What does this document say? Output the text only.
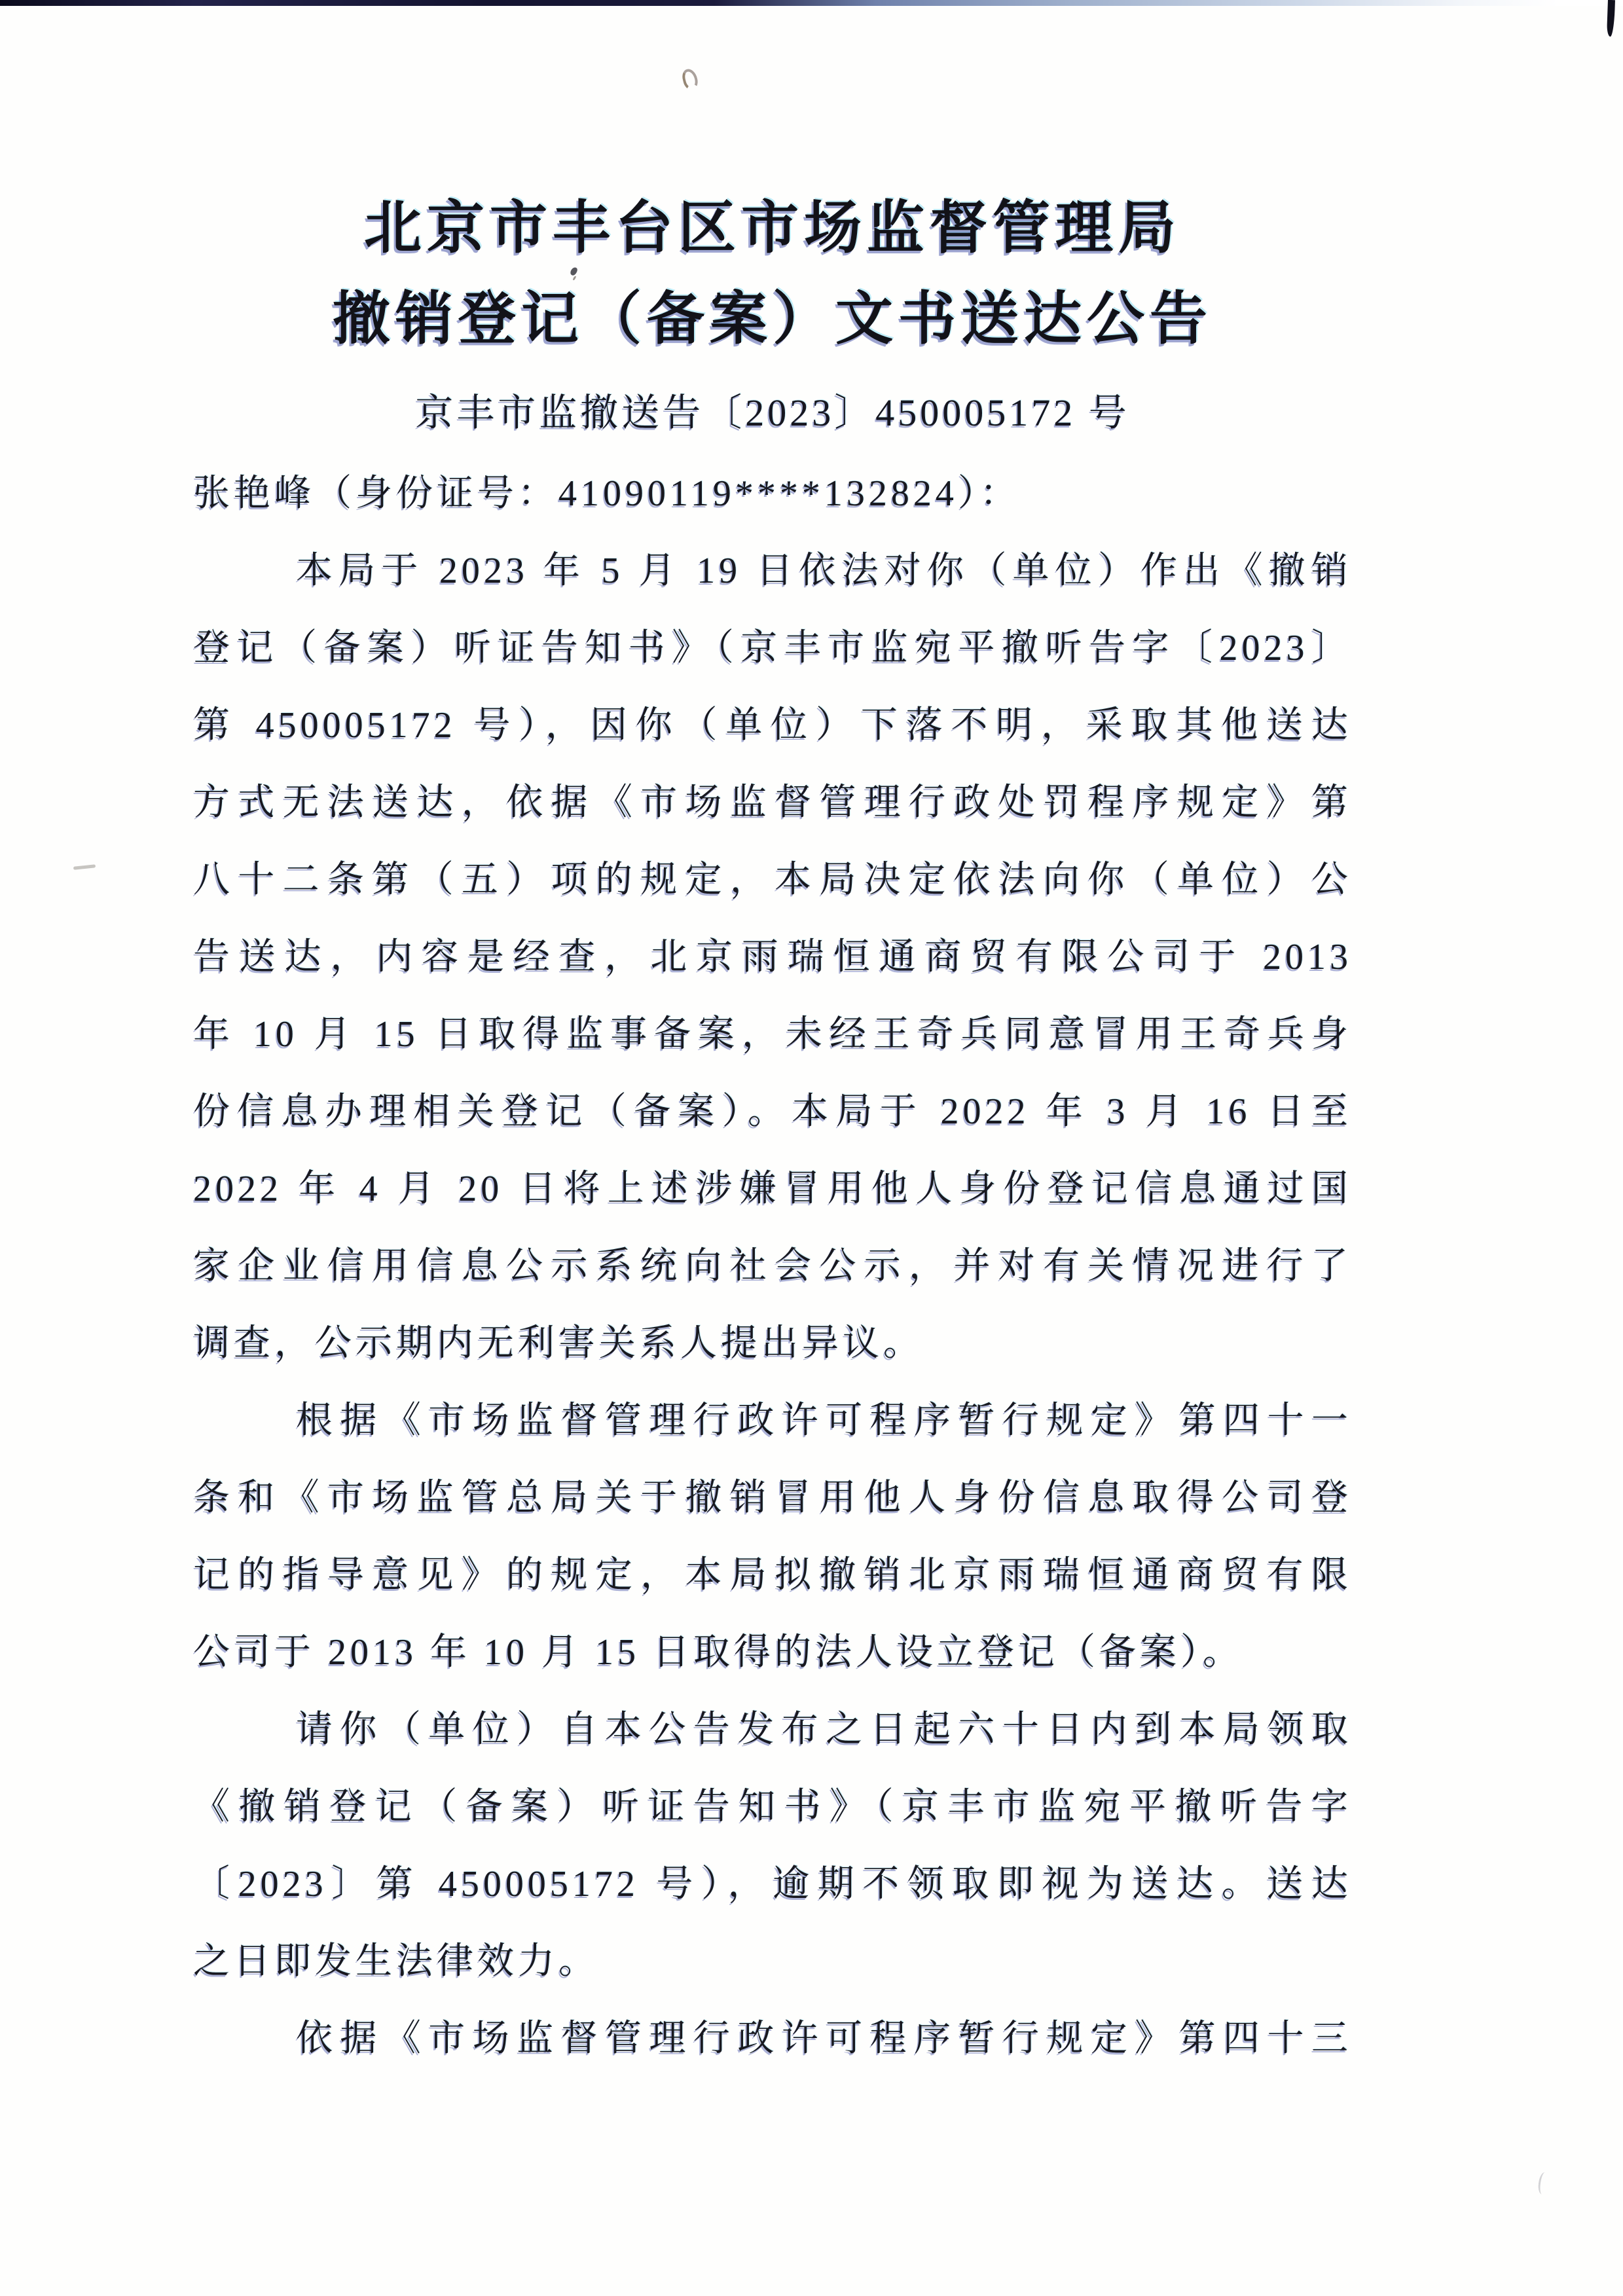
北京市丰台区市场监督管理局
撤销登记（备案）文书送达公告
京丰市监撤送告〔2023〕450005172 号
张艳峰（身份证号：41090119****132824）：
本局于 2023 年 5 月 19 日依法对你（单位）作出《撤销
登记（备案）听证告知书》（京丰市监宛平撤听告字〔2023〕
第 450005172 号），因你（单位）下落不明，采取其他送达
方式无法送达，依据《市场监督管理行政处罚程序规定》第
八十二条第（五）项的规定，本局决定依法向你（单位）公
告送达，内容是经查，北京雨瑞恒通商贸有限公司于 2013
年 10 月 15 日取得监事备案，未经王奇兵同意冒用王奇兵身
份信息办理相关登记（备案）。本局于 2022 年 3 月 16 日至
2022 年 4 月 20 日将上述涉嫌冒用他人身份登记信息通过国
家企业信用信息公示系统向社会公示，并对有关情况进行了
调查，公示期内无利害关系人提出异议。
根据《市场监督管理行政许可程序暂行规定》第四十一
条和《市场监管总局关于撤销冒用他人身份信息取得公司登
记的指导意见》的规定，本局拟撤销北京雨瑞恒通商贸有限
公司于 2013 年 10 月 15 日取得的法人设立登记（备案）。
请你（单位）自本公告发布之日起六十日内到本局领取
《撤销登记（备案）听证告知书》（京丰市监宛平撤听告字
〔2023〕第 450005172 号），逾期不领取即视为送达。送达
之日即发生法律效力。
依据《市场监督管理行政许可程序暂行规定》第四十三
